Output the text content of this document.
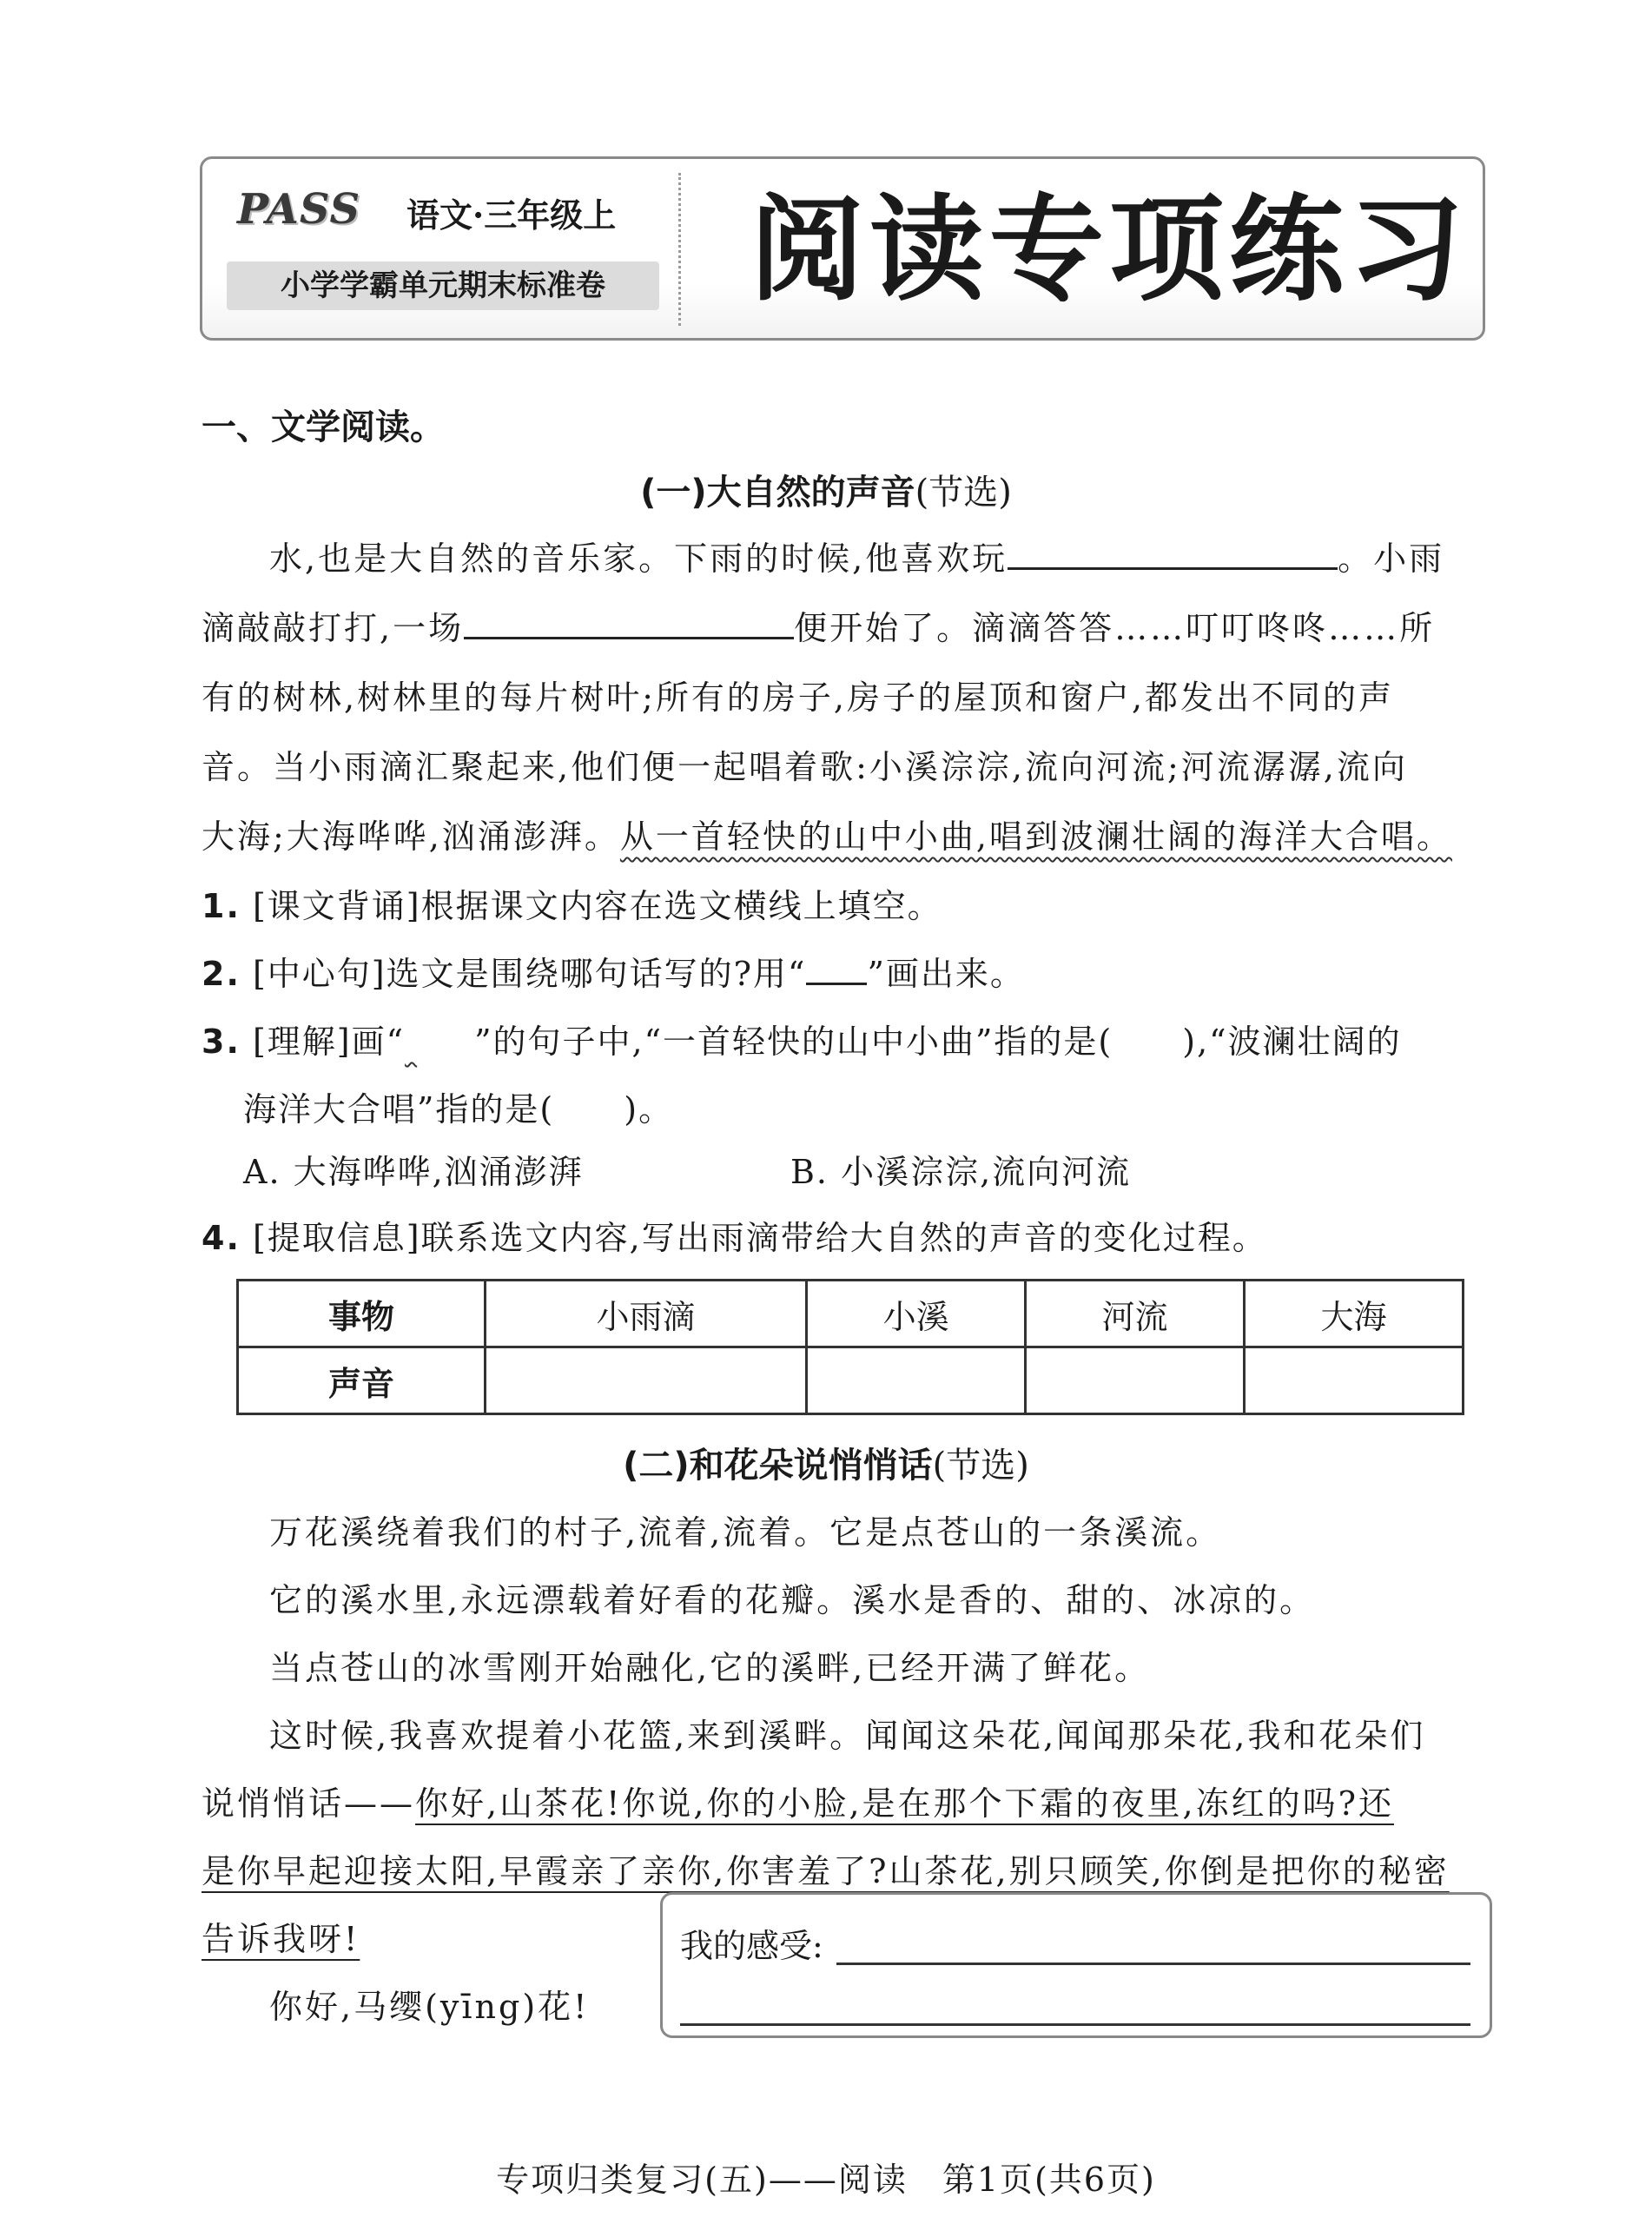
PASS 语文·三年级上
小学学霸单元期末标准卷	阅读专项练习
一、文学阅读。
(一)大自然的声音(节选)
水,也是大自然的音乐家。下雨的时候,他喜欢玩	。小雨
滴敲敲打打,一场	便开始了。滴滴答答……叮叮咚咚……所
有的树林,树林里的每片树叶;所有的房子,房子的屋顶和窗户,都发出不同的声
音。当小雨滴汇聚起来,他们便一起唱着歌:小溪淙淙,流向河流;河流潺潺,流向
大海;大海哗哗,汹涌澎湃。从一首轻快的山中小曲,唱到波澜壮阔的海洋大合唱。
1. [课文背诵]根据课文内容在选文横线上填空。
2. [中心句]选文是围绕哪句话写的?用“ ”画出来。
3. [理解]画“ ”的句子中,“一首轻快的山中小曲”指的是( ),“波澜壮阔的
海洋大合唱”指的是( )。
A. 大海哗哗,汹涌澎湃	B. 小溪淙淙,流向河流
4. [提取信息]联系选文内容,写出雨滴带给大自然的声音的变化过程。
事物	小雨滴	小溪	河流	大海
声音				
(二)和花朵说悄悄话(节选)
万花溪绕着我们的村子,流着,流着。它是点苍山的一条溪流。
它的溪水里,永远漂载着好看的花瓣。溪水是香的、甜的、冰凉的。
当点苍山的冰雪刚开始融化,它的溪畔,已经开满了鲜花。
这时候,我喜欢提着小花篮,来到溪畔。闻闻这朵花,闻闻那朵花,我和花朵们
说悄悄话——你好,山茶花!你说,你的小脸,是在那个下霜的夜里,冻红的吗?还
是你早起迎接太阳,早霞亲了亲你,你害羞了?山茶花,别只顾笑,你倒是把你的秘密
告诉我呀!
你好,马缨(yīng)花!
我的感受:
专项归类复习(五)——阅读　第1页(共6页)
